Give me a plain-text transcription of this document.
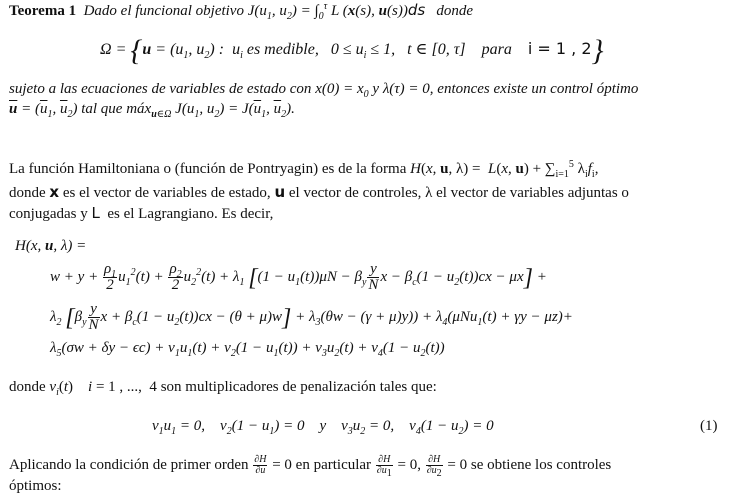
Teorema 1  Dado el funcional objetivo $J(u_1$, $u_2) = \int_0^\tau$ L (x(s), u(s))ds donde
$\Omega = \{u = (u_1$, $u_2$) :  $u_i$ es medible,   $0 \le u_i \le 1$,   t ∈ [0, τ]    para    i = 1 , 2}
sujeto a las ecuaciones de variables de estado con $x(0) = x_0$ y λ(τ) = 0, entonces existe un control óptimo
$\overline{u} = (\overline{u}_1$, $\overline{u}_2$) tal que máx$_{u\in\Omega}$ $J(u_1$, $u_2) = J(\overline{u}_1$, $\overline{u}_2$).
La función Hamiltoniana o (función de Pontryagin) es de la forma H(x, u, λ) =  L(x, $u) + \sum_{i=1}^5$ $\lambda_if_i$,
donde x es el vector de variables de estado, u el vector de controles, λ el vector de variables adjuntas o
conjugadas y L es el Lagrangiano. Es decir,
H(x, u, λ) =
$w + y + \frac{\rho_1}{2} u_1^2(t) + \frac{\rho_2}{2} u_2^2(t) + \lambda_1$ [$(1 - u_1(t))\mu N - \beta_y \frac{y}{N}$ $x - \beta_c(1 - u_2(t))cx - \mu x$] +
$\lambda_2$ [$\beta_y \frac{y}{N}$ $x + \beta_c(1 - u_2(t))cx - (\theta + \mu)w] + \lambda_3(\theta w - (\gamma + \mu)y)) + \lambda_4(\mu Nu_1(t) + \gamma y - \mu z)+$
$\lambda_5(\sigma w + \delta y - \epsilon c) + v_1u_1(t) + v_2(1 - u_1(t)) + v_3u_2(t) + v_4(1 - u_2(t))$
donde $v_i(t)$    i = 1 , ...,  4 son multiplicadores de penalización tales que:
$v_1u_1 = 0$,    $v_2(1 - u_1) = 0$    y    $v_3u_2 = 0$,    $v_4(1 - u_2) = 0$	(1)
Aplicando la condición de primer orden $\frac{\partial H}{\partial u} = 0$ en particular $\frac{\partial H}{\partial u_1} = 0$, $\frac{\partial H}{\partial u_2} = 0$ se obtiene los controles
óptimos:
